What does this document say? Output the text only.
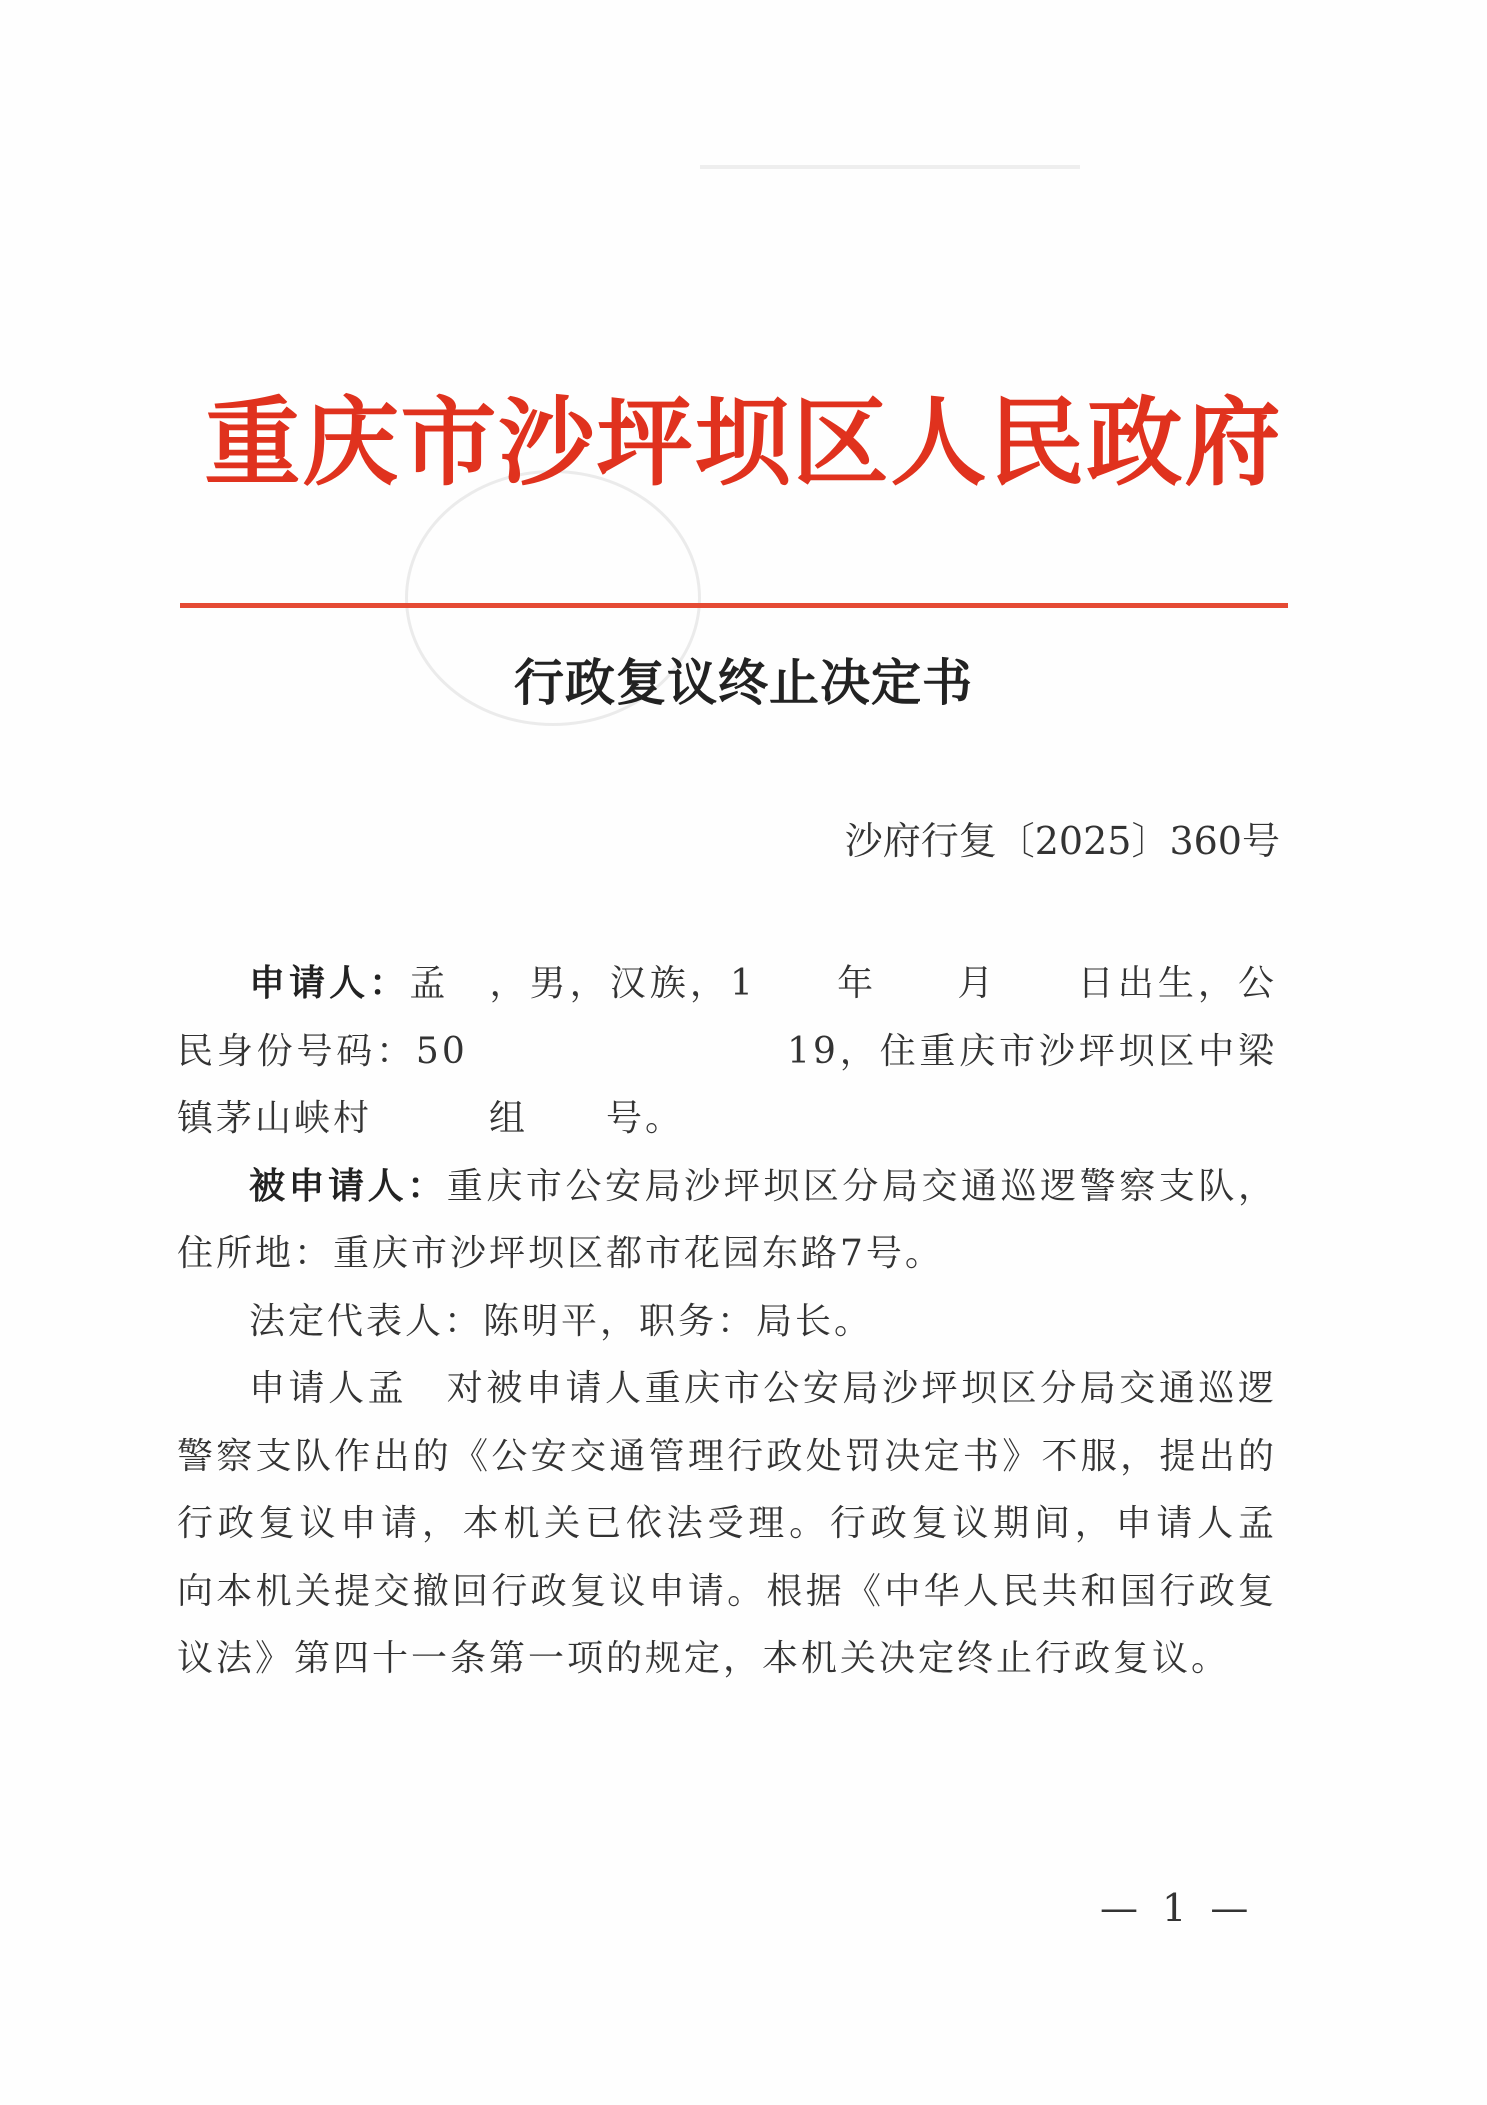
重庆市沙坪坝区人民政府
行政复议终止决定书
沙府行复〔2025〕360号

申请人：孟　，男，汉族，1　　年　　月　　日出生，公民身份号码：50　　　　　　　　19，住重庆市沙坪坝区中梁镇茅山峡村　　　组　　号。

被申请人：重庆市公安局沙坪坝区分局交通巡逻警察支队，住所地：重庆市沙坪坝区都市花园东路7号。

法定代表人：陈明平，职务：局长。

申请人孟　对被申请人重庆市公安局沙坪坝区分局交通巡逻警察支队作出的《公安交通管理行政处罚决定书》不服，提出的行政复议申请，本机关已依法受理。行政复议期间，申请人孟　向本机关提交撤回行政复议申请。根据《中华人民共和国行政复议法》第四十一条第一项的规定，本机关决定终止行政复议。

— 1 —
